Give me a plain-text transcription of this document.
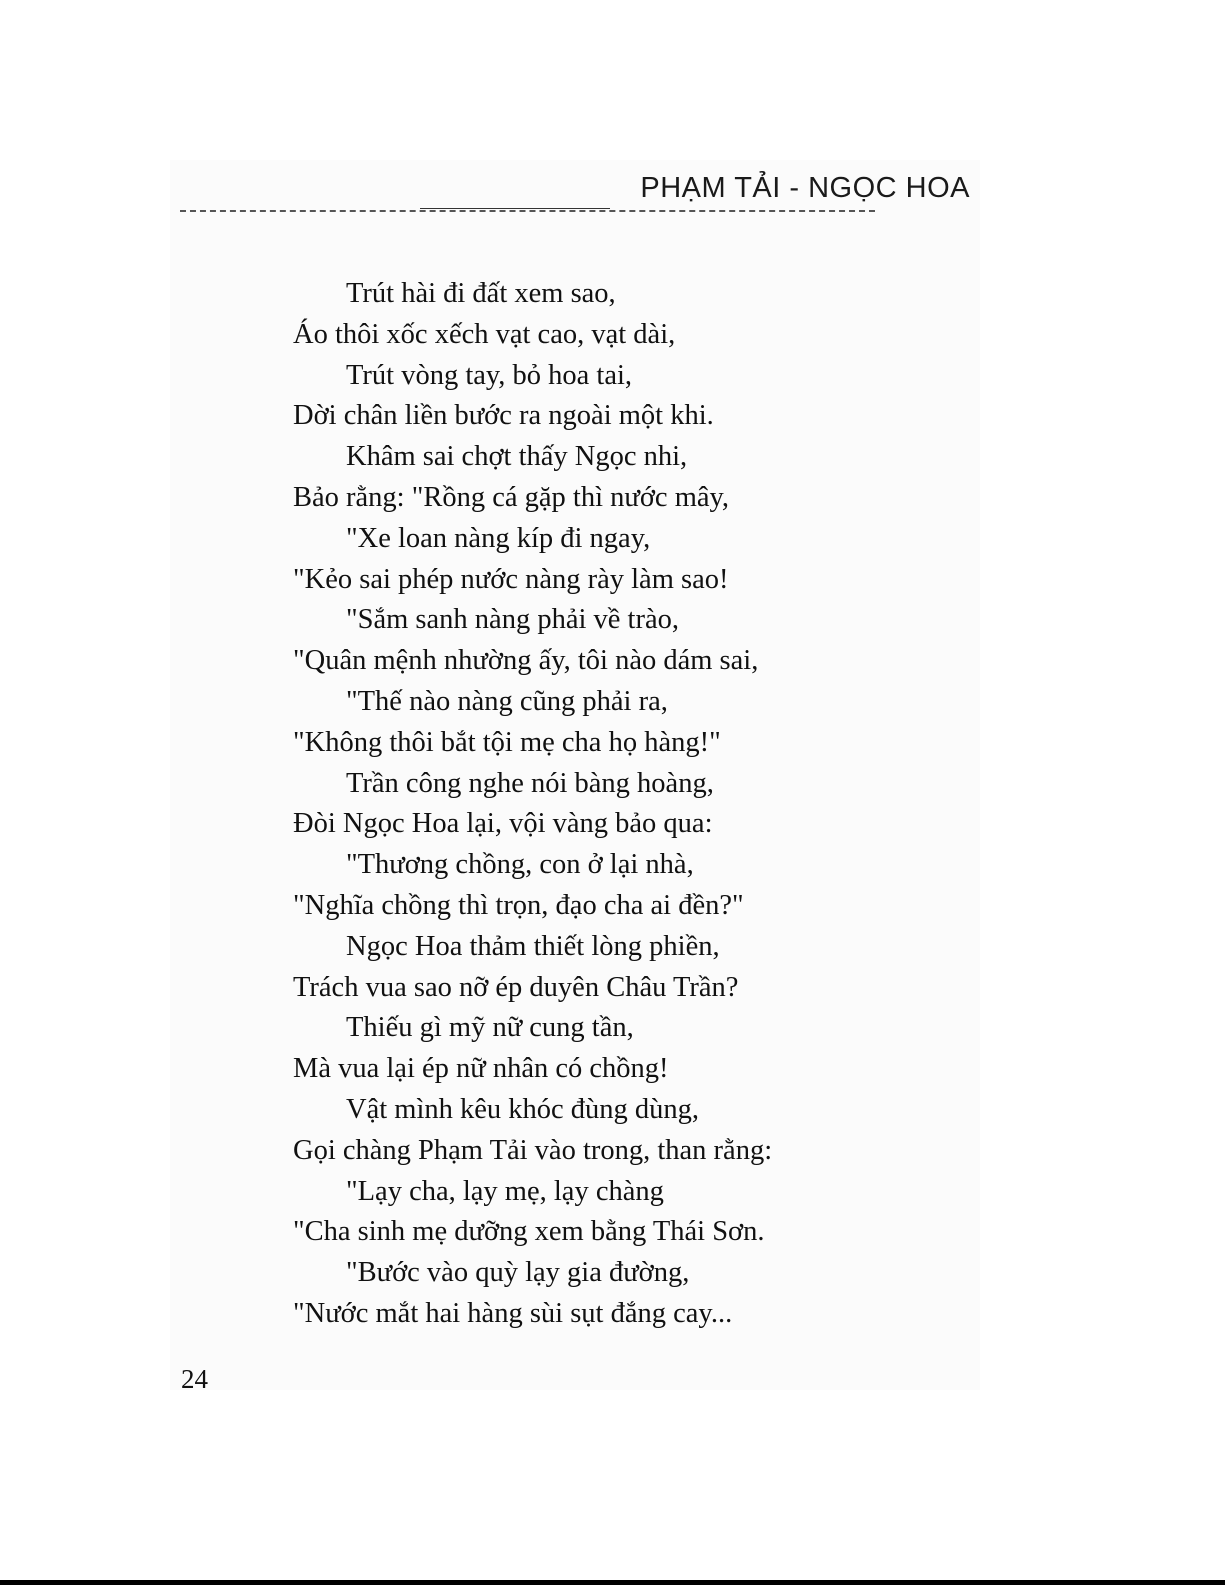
PHẠM TẢI - NGỌC HOA
Trút hài đi đất xem sao,
Áo thôi xốc xếch vạt cao, vạt dài,
Trút vòng tay, bỏ hoa tai,
Dời chân liền bước ra ngoài một khi.
Khâm sai chợt thấy Ngọc nhi,
Bảo rằng: "Rồng cá gặp thì nước mây,
"Xe loan nàng kíp đi ngay,
"Kẻo sai phép nước nàng rày làm sao!
"Sắm sanh nàng phải về trào,
"Quân mệnh nhường ấy, tôi nào dám sai,
"Thế nào nàng cũng phải ra,
"Không thôi bắt tội mẹ cha họ hàng!"
Trần công nghe nói bàng hoàng,
Đòi Ngọc Hoa lại, vội vàng bảo qua:
"Thương chồng, con ở lại nhà,
"Nghĩa chồng thì trọn, đạo cha ai đền?"
Ngọc Hoa thảm thiết lòng phiền,
Trách vua sao nỡ ép duyên Châu Trần?
Thiếu gì mỹ nữ cung tần,
Mà vua lại ép nữ nhân có chồng!
Vật mình kêu khóc đùng dùng,
Gọi chàng Phạm Tải vào trong, than rằng:
"Lạy cha, lạy mẹ, lạy chàng
"Cha sinh mẹ dưỡng xem bằng Thái Sơn.
"Bước vào quỳ lạy gia đường,
"Nước mắt hai hàng sùi sụt đắng cay...
24
